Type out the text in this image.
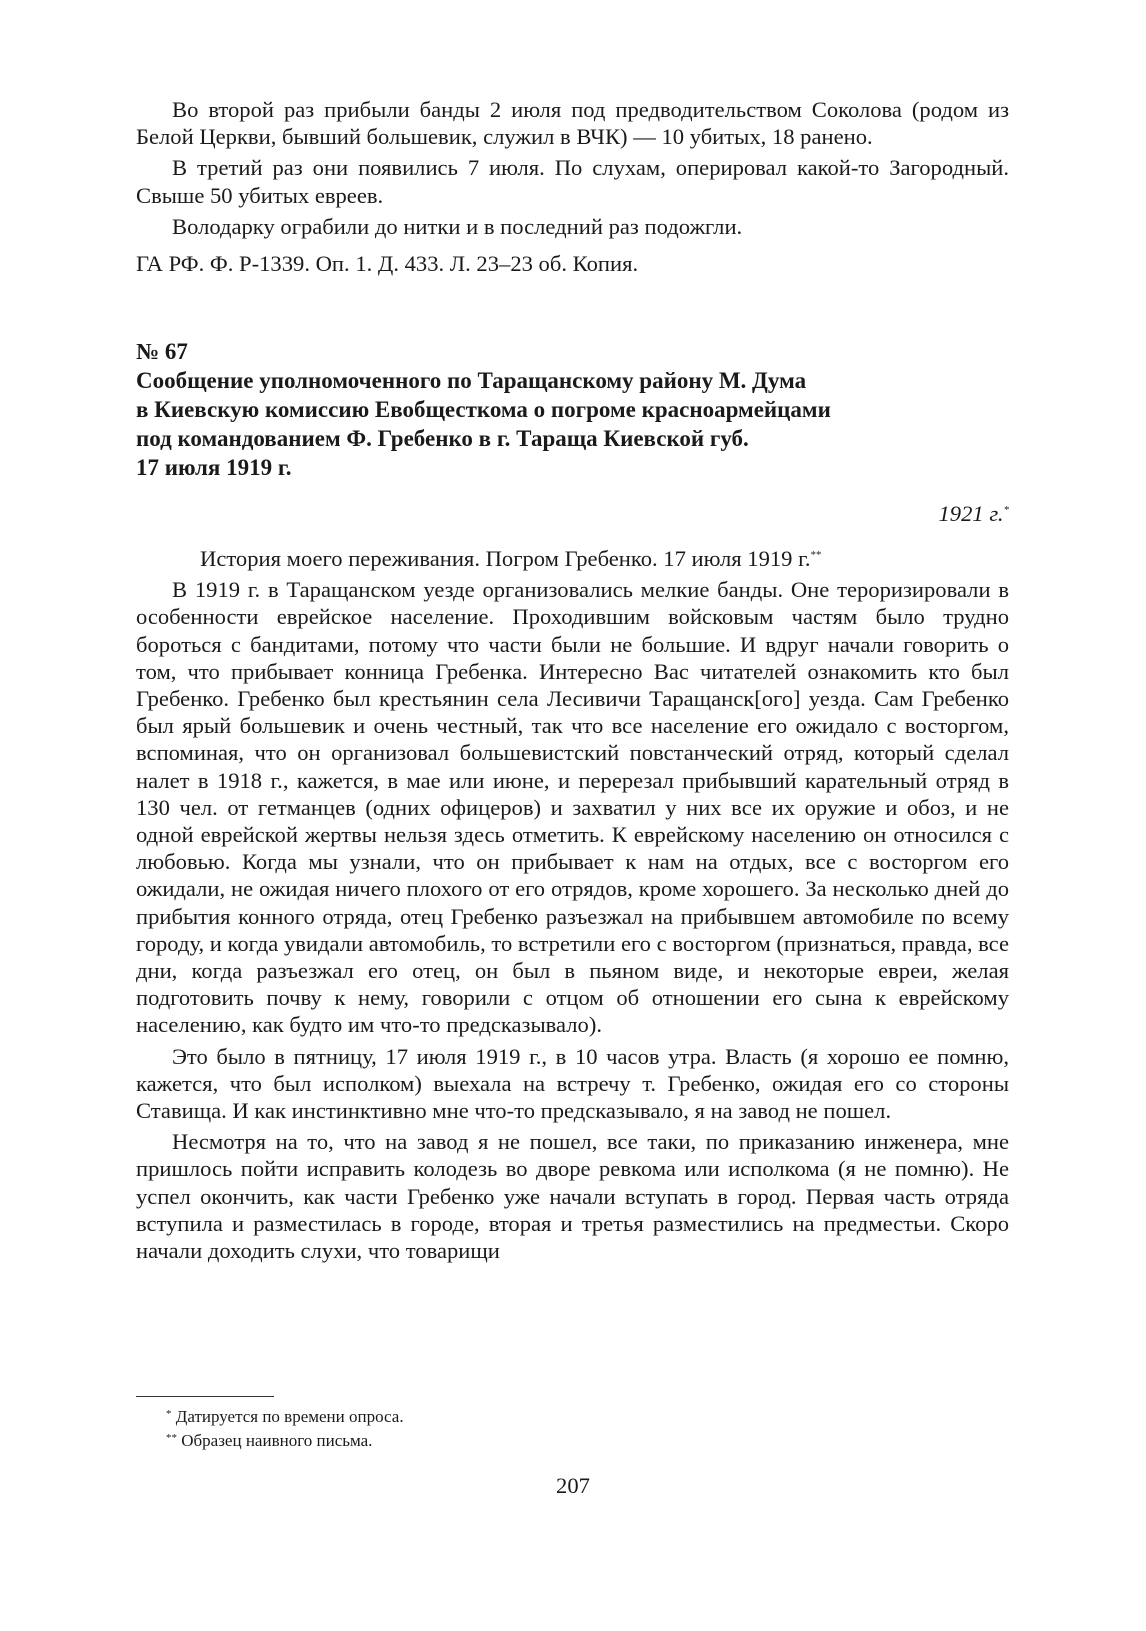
Во второй раз прибыли банды 2 июля под предводительством Соколова (родом из Белой Церкви, бывший большевик, служил в ВЧК) — 10 убитых, 18 ранено.

В третий раз они появились 7 июля. По слухам, оперировал какой-то Загородный. Свыше 50 убитых евреев.

Володарку ограбили до нитки и в последний раз подожгли.

ГА РФ. Ф. Р-1339. Оп. 1. Д. 433. Л. 23–23 об. Копия.

№ 67

Сообщение уполномоченного по Таращанскому району М. Дума
в Киевскую комиссию Евобщесткома о погроме красноармейцами
под командованием Ф. Гребенко в г. Тараща Киевской губ.
17 июля 1919 г.

1921 г.*

История моего переживания. Погром Гребенко. 17 июля 1919 г.**

В 1919 г. в Таращанском уезде организовались мелкие банды. Оне тероризировали в особенности еврейское население. Проходившим войсковым частям было трудно бороться с бандитами, потому что части были не большие. И вдруг начали говорить о том, что прибывает конница Гребенка. Интересно Вас читателей ознакомить кто был Гребенко. Гребенко был крестьянин села Лесивичи Таращанск[ого] уезда. Сам Гребенко был ярый большевик и очень честный, так что все население его ожидало с восторгом, вспоминая, что он организовал большевистский повстанческий отряд, который сделал налет в 1918 г., кажется, в мае или июне, и перерезал прибывший карательный отряд в 130 чел. от гетманцев (одних офицеров) и захватил у них все их оружие и обоз, и не одной еврейской жертвы нельзя здесь отметить. К еврейскому населению он относился с любовью. Когда мы узнали, что он прибывает к нам на отдых, все с восторгом его ожидали, не ожидая ничего плохого от его отрядов, кроме хорошего. За несколько дней до прибытия конного отряда, отец Гребенко разъезжал на прибывшем автомобиле по всему городу, и когда увидали автомобиль, то встретили его с восторгом (признаться, правда, все дни, когда разъезжал его отец, он был в пьяном виде, и некоторые евреи, желая подготовить почву к нему, говорили с отцом об отношении его сына к еврейскому населению, как будто им что-то предсказывало).

Это было в пятницу, 17 июля 1919 г., в 10 часов утра. Власть (я хорошо ее помню, кажется, что был исполком) выехала на встречу т. Гребенко, ожидая его со стороны Ставища. И как инстинктивно мне что-то предсказывало, я на завод не пошел.

Несмотря на то, что на завод я не пошел, все таки, по приказанию инженера, мне пришлось пойти исправить колодезь во дворе ревкома или исполкома (я не помню). Не успел окончить, как части Гребенко уже начали вступать в город. Первая часть отряда вступила и разместилась в городе, вторая и третья разместились на предместьи. Скоро начали доходить слухи, что товарищи

* Датируется по времени опроса.

** Образец наивного письма.

207
